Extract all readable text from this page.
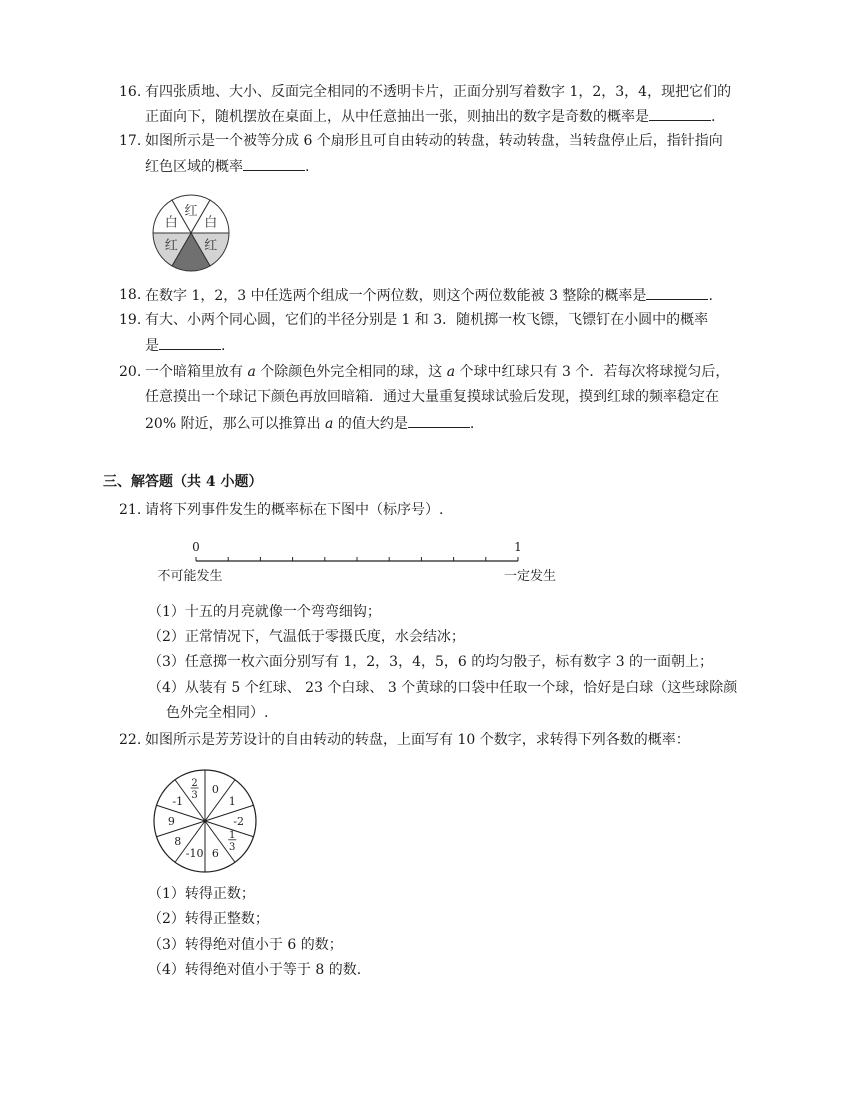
16. 有四张质地、大小、反面完全相同的不透明卡片，正面分别写着数字 1，2，3，4，现把它们的
正面向下，随机摆放在桌面上，从中任意抽出一张，则抽出的数字是奇数的概率是	.
17. 如图所示是一个被等分成 6 个扇形且可自由转动的转盘，转动转盘，当转盘停止后，指针指向
红色区域的概率	.
红
白
红
红
白
18. 在数字 1，2，3 中任选两个组成一个两位数，则这个两位数能被 3 整除的概率是	.
19. 有大、小两个同心圆，它们的半径分别是 1 和 3．随机掷一枚飞镖，飞镖钉在小圆中的概率
是	.
20. 一个暗箱里放有 a 个除颜色外完全相同的球，这 a 个球中红球只有 3 个．若每次将球搅匀后，
任意摸出一个球记下颜色再放回暗箱．通过大量重复摸球试验后发现，摸到红球的频率稳定在
20% 附近，那么可以推算出 a 的值大约是	.
三、解答题（共 4 小题）
21. 请将下列事件发生的概率标在下图中（标序号）.
0	1
不可能发生	一定发生
（1）十五的月亮就像一个弯弯细钩；
（2）正常情况下，气温低于零摄氏度，水会结冰；
（3）任意掷一枚六面分别写有 1，2，3，4，5，6 的均匀骰子，标有数字 3 的一面朝上；
（4）从装有 5 个红球、 23 个白球、 3 个黄球的口袋中任取一个球，恰好是白球（这些球除颜
色外完全相同）.
22. 如图所示是芳芳设计的自由转动的转盘，上面写有 10 个数字，求转得下列各数的概率：
0
1
-2
1
3
6
-10
8
9
-1
2
3
（1）转得正数；
（2）转得正整数；
（3）转得绝对值小于 6 的数；
（4）转得绝对值小于等于 8 的数.
